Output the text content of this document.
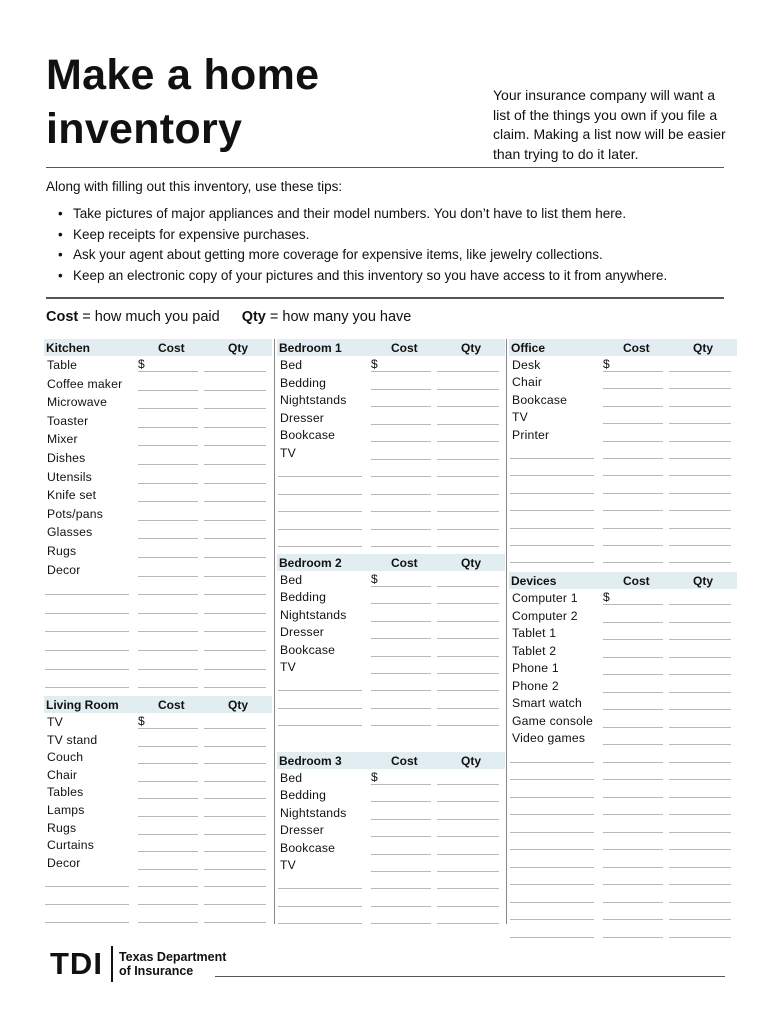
Make a home
inventory
Your insurance company will want a list of the things you own if you file a claim. Making a list now will be easier than trying to do it later.
Along with filling out this inventory, use these tips:
• Take pictures of major appliances and their model numbers. You don’t have to list them here.
• Keep receipts for expensive purchases.
• Ask your agent about getting more coverage for expensive items, like jewelry collections.
• Keep an electronic copy of your pictures and this inventory so you have access to it from anywhere.
Cost = how much you paid Qty = how many you have
Kitchen	Cost	Qty
Table	$
Coffee maker
Microwave
Toaster
Mixer
Dishes
Utensils
Knife set
Pots/pans
Glasses
Rugs
Decor
Living Room	Cost	Qty
TV	$
TV stand
Couch
Chair
Tables
Lamps
Rugs
Curtains
Decor
Bedroom 1	Cost	Qty
Bed	$
Bedding
Nightstands
Dresser
Bookcase
TV
Bedroom 2	Cost	Qty
Bed	$
Bedding
Nightstands
Dresser
Bookcase
TV
Bedroom 3	Cost	Qty
Bed	$
Bedding
Nightstands
Dresser
Bookcase
TV
Office	Cost	Qty
Desk	$
Chair
Bookcase
TV
Printer
Devices	Cost	Qty
Computer 1 $
Computer 2
Tablet 1
Tablet 2
Phone 1
Phone 2
Smart watch
Game console
Video games
TDI Texas Department
of Insurance
